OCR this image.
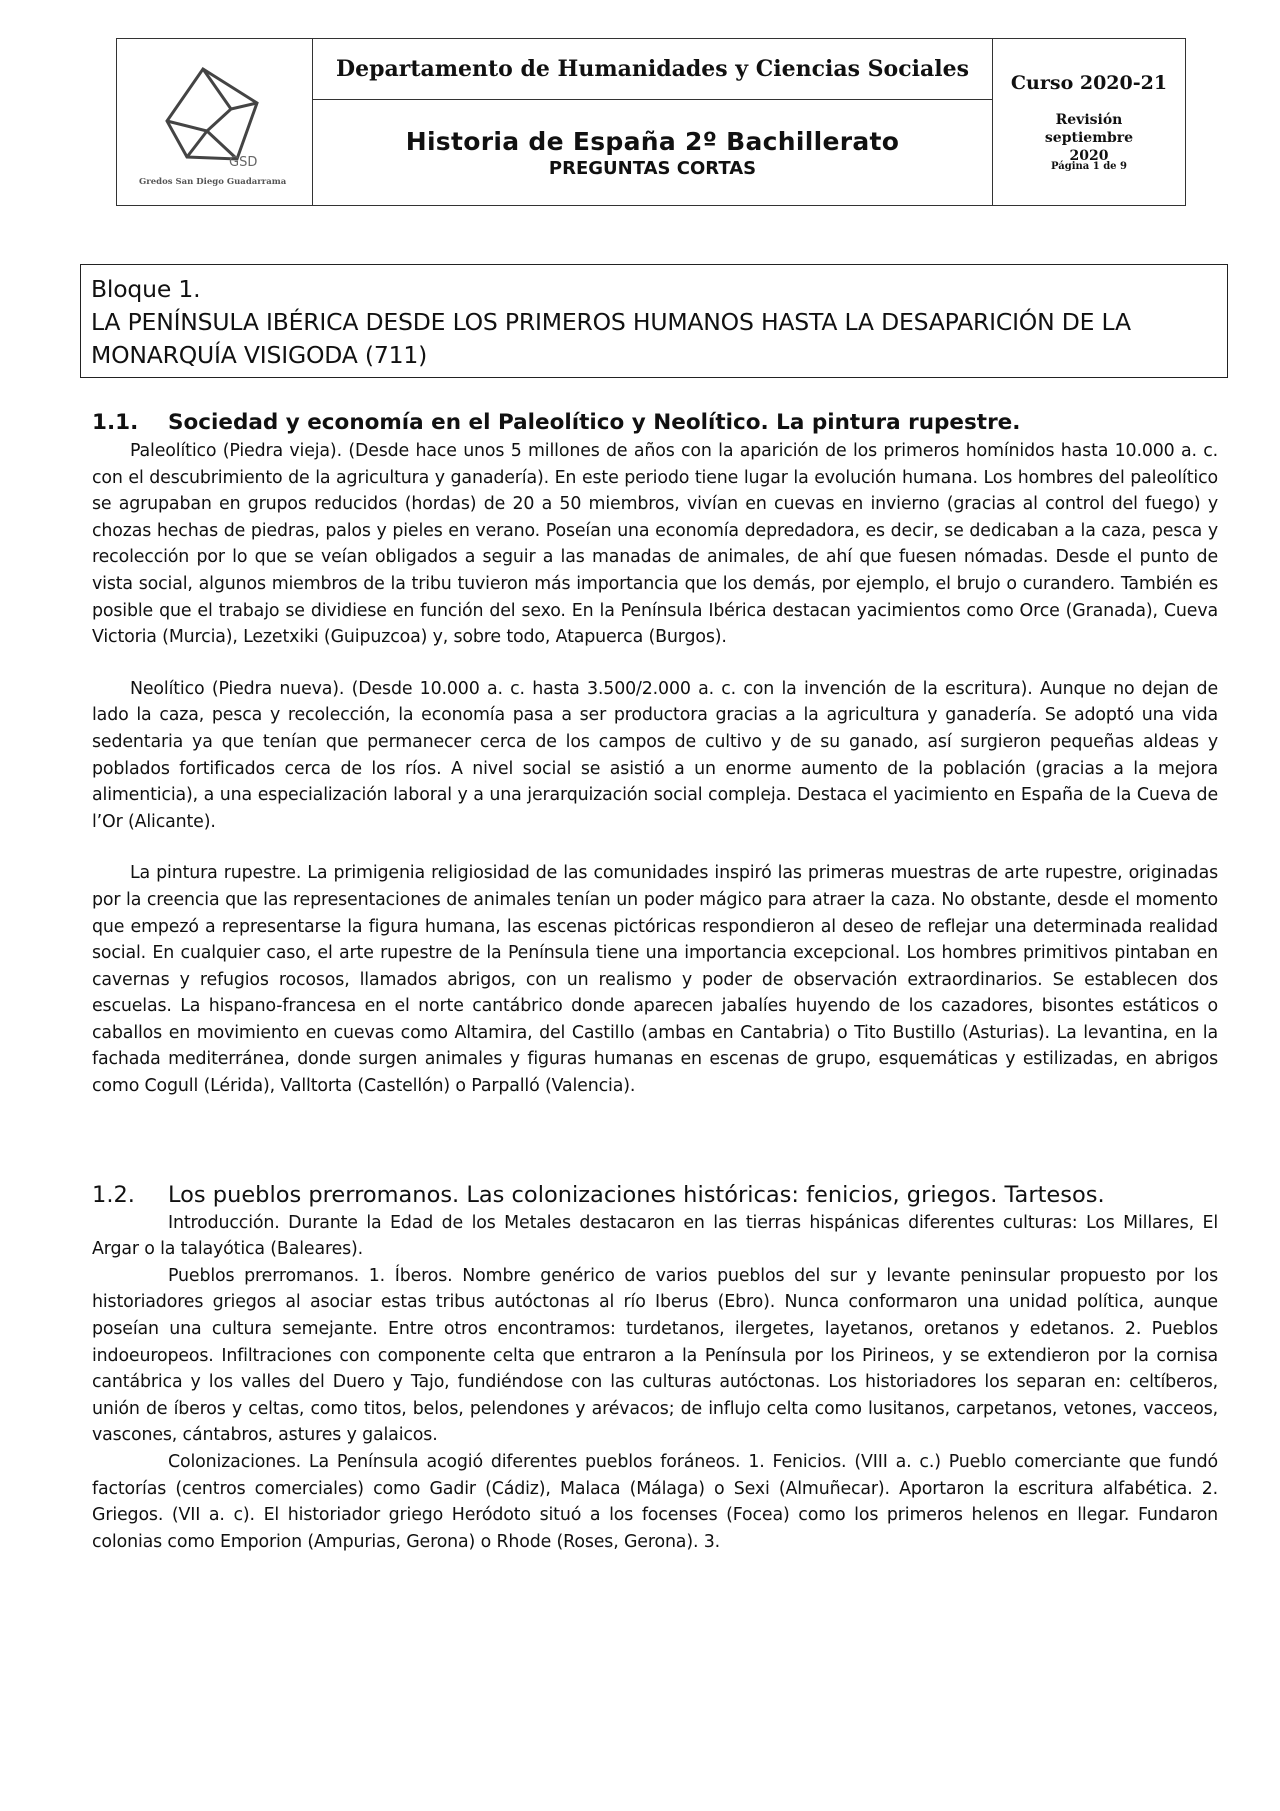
GSD
Gredos San Diego Guadarrama
Departamento de Humanidades y Ciencias Sociales
Historia de España 2º Bachillerato
PREGUNTAS CORTAS
Curso 2020-21
Revisión septiembre 2020
Página 1 de 9
Bloque 1.
LA PENÍNSULA IBÉRICA DESDE LOS PRIMEROS HUMANOS HASTA LA DESAPARICIÓN DE LA MONARQUÍA VISIGODA (711)
1.1.	Sociedad y economía en el Paleolítico y Neolítico. La pintura rupestre.

Paleolítico (Piedra vieja). (Desde hace unos 5 millones de años con la aparición de los primeros homínidos hasta 10.000 a. c. con el descubrimiento de la agricultura y ganadería). En este periodo tiene lugar la evolución humana. Los hombres del paleolítico se agrupaban en grupos reducidos (hordas) de 20 a 50 miembros, vivían en cuevas en invierno (gracias al control del fuego) y chozas hechas de piedras, palos y pieles en verano. Poseían una economía depredadora, es decir, se dedicaban a la caza, pesca y recolección por lo que se veían obligados a seguir a las manadas de animales, de ahí que fuesen nómadas. Desde el punto de vista social, algunos miembros de la tribu tuvieron más importancia que los demás, por ejemplo, el brujo o curandero. También es posible que el trabajo se dividiese en función del sexo. En la Península Ibérica destacan yacimientos como Orce (Granada), Cueva Victoria (Murcia), Lezetxiki (Guipuzcoa) y, sobre todo, Atapuerca (Burgos).

Neolítico (Piedra nueva). (Desde 10.000 a. c. hasta 3.500/2.000 a. c. con la invención de la escritura). Aunque no dejan de lado la caza, pesca y recolección, la economía pasa a ser productora gracias a la agricultura y ganadería. Se adoptó una vida sedentaria ya que tenían que permanecer cerca de los campos de cultivo y de su ganado, así surgieron pequeñas aldeas y poblados fortificados cerca de los ríos. A nivel social se asistió a un enorme aumento de la población (gracias a la mejora alimenticia), a una especialización laboral y a una jerarquización social compleja. Destaca el yacimiento en España de la Cueva de l’Or (Alicante).

La pintura rupestre. La primigenia religiosidad de las comunidades inspiró las primeras muestras de arte rupestre, originadas por la creencia que las representaciones de animales tenían un poder mágico para atraer la caza. No obstante, desde el momento que empezó a representarse la figura humana, las escenas pictóricas respondieron al deseo de reflejar una determinada realidad social. En cualquier caso, el arte rupestre de la Península tiene una importancia excepcional. Los hombres primitivos pintaban en cavernas y refugios rocosos, llamados abrigos, con un realismo y poder de observación extraordinarios. Se establecen dos escuelas. La hispano-francesa en el norte cantábrico donde aparecen jabalíes huyendo de los cazadores, bisontes estáticos o caballos en movimiento en cuevas como Altamira, del Castillo (ambas en Cantabria) o Tito Bustillo (Asturias). La levantina, en la fachada mediterránea, donde surgen animales y figuras humanas en escenas de grupo, esquemáticas y estilizadas, en abrigos como Cogull (Lérida), Valltorta (Castellón) o Parpalló (Valencia).

1.2.	Los pueblos prerromanos. Las colonizaciones históricas: fenicios, griegos. Tartesos.

Introducción. Durante la Edad de los Metales destacaron en las tierras hispánicas diferentes culturas: Los Millares, El Argar o la talayótica (Baleares).

Pueblos prerromanos. 1. Íberos. Nombre genérico de varios pueblos del sur y levante peninsular propuesto por los historiadores griegos al asociar estas tribus autóctonas al río Iberus (Ebro). Nunca conformaron una unidad política, aunque poseían una cultura semejante. Entre otros encontramos: turdetanos, ilergetes, layetanos, oretanos y edetanos. 2. Pueblos indoeuropeos. Infiltraciones con componente celta que entraron a la Península por los Pirineos, y se extendieron por la cornisa cantábrica y los valles del Duero y Tajo, fundiéndose con las culturas autóctonas. Los historiadores los separan en: celtíberos, unión de íberos y celtas, como titos, belos, pelendones y arévacos; de influjo celta como lusitanos, carpetanos, vetones, vacceos, vascones, cántabros, astures y galaicos.

Colonizaciones. La Península acogió diferentes pueblos foráneos. 1. Fenicios. (VIII a. c.) Pueblo comerciante que fundó factorías (centros comerciales) como Gadir (Cádiz), Malaca (Málaga) o Sexi (Almuñecar). Aportaron la escritura alfabética. 2. Griegos. (VII a. c). El historiador griego Heródoto situó a los focenses (Focea) como los primeros helenos en llegar. Fundaron colonias como Emporion (Ampurias, Gerona) o Rhode (Roses, Gerona). 3.
